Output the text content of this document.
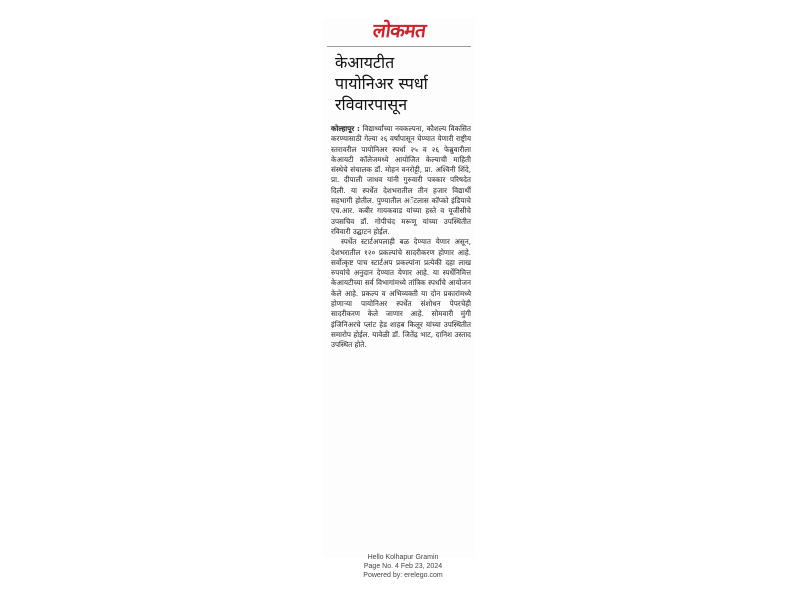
लोकमत
केआयटीत
पायोनिअर स्पर्धा
रविवारपासून

कोल्हापूर : विद्यार्थ्यांच्या नवकल्पना, कौशल्य विकसित करण्यासाठी गेल्या २६ वर्षांपासून घेण्यात येणारी राष्ट्रीय स्तरावरील पायोनिअर स्पर्धा २५ व २६ फेब्रुवारीला केआयटी कॉलेजमध्ये आयोजित केल्याची माहिती संस्थेचे संचालक डॉ. मोहन वनरोट्टी, प्रा. अश्विनी शिंदे, प्रा. दीपाली जाधव यांनी गुरुवारी पत्रकार परिषदेत दिली. या स्पर्धेत देशभरातील तीन हजार विद्यार्थी सहभागी होतील. पुण्यातील अॅटलास कॉप्को इंडियाचे एच.आर. कबीर गायकवाड यांच्या हस्ते व यूजीसीचे उपसचिव डॉ. गोपीचंद मरूणू यांच्या उपस्थितीत रविवारी उद्घाटन होईल.

स्पर्धेत स्टार्टअपलाही बळ देण्यात येणार असून, देशभरातील १२० प्रकल्पांचे सादरीकरण होणार आहे. सर्वोत्कृष्ट पाच स्टार्टअप प्रकल्पांना प्रत्येकी दहा लाख रुपयांचे अनुदान देण्यात येणार आहे. या स्पर्धेनिमित्त केआयटीच्या सर्व विभागांमध्ये तांत्रिक स्पर्धांचे आयोजन केले आहे. प्रकल्प व अभिव्यक्ती या दोन प्रकारांमध्ये होणाऱ्या पायोनिअर स्पर्धेत संशोधन पेपरचेही सादरीकरण केले जाणार आहे. सोमवारी मुंगी इंजिनिअरचे प्लांट हेड शाहब किलूर यांच्या उपस्थितीत समारोप होईल. यावेळी डॉ. जितेंद्र भाट, दानिश उस्ताद उपस्थित होते.

Hello Kolhapur Gramin
Page No. 4 Feb 23, 2024
Powered by: erelego.com
